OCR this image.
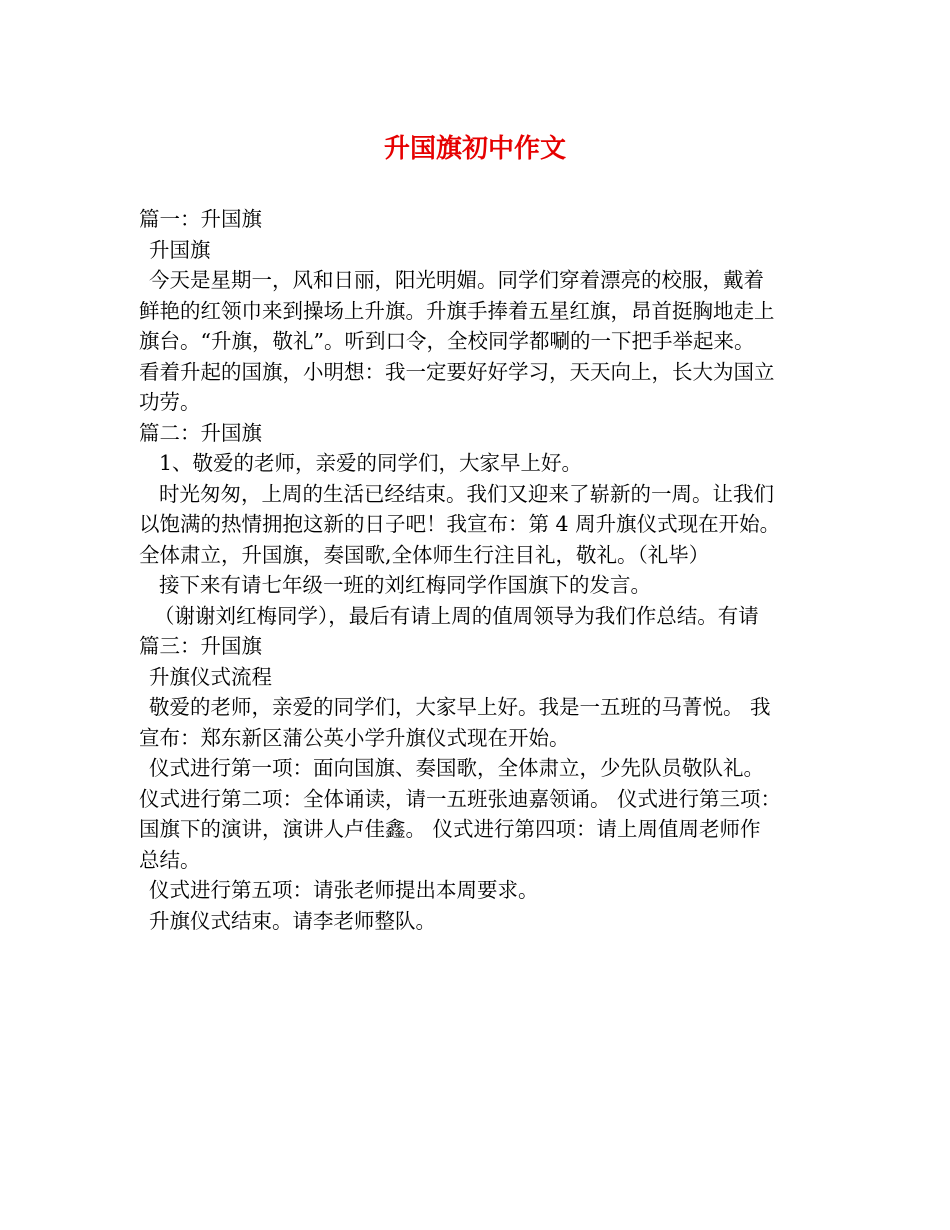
升国旗初中作文
篇一：升国旗
升国旗
今天是星期一，风和日丽，阳光明媚。同学们穿着漂亮的校服，戴着
鲜艳的红领巾来到操场上升旗。升旗手捧着五星红旗，昂首挺胸地走上
旗台。“升旗，敬礼”。听到口令，全校同学都唰的一下把手举起来。
看着升起的国旗，小明想：我一定要好好学习，天天向上，长大为国立
功劳。
篇二：升国旗
1、敬爱的老师，亲爱的同学们，大家早上好。
时光匆匆，上周的生活已经结束。我们又迎来了崭新的一周。让我们
以饱满的热情拥抱这新的日子吧！我宣布：第 4 周升旗仪式现在开始。
全体肃立，升国旗，奏国歌,全体师生行注目礼，敬礼。（礼毕）
接下来有请七年级一班的刘红梅同学作国旗下的发言。
（谢谢刘红梅同学），最后有请上周的值周领导为我们作总结。有请
篇三：升国旗
升旗仪式流程
敬爱的老师，亲爱的同学们，大家早上好。我是一五班的马菁悦。 我
宣布：郑东新区蒲公英小学升旗仪式现在开始。
仪式进行第一项：面向国旗、奏国歌，全体肃立，少先队员敬队礼。
仪式进行第二项：全体诵读，请一五班张迪嘉领诵。 仪式进行第三项：
国旗下的演讲，演讲人卢佳鑫。 仪式进行第四项：请上周值周老师作
总结。
仪式进行第五项：请张老师提出本周要求。
升旗仪式结束。请李老师整队。
